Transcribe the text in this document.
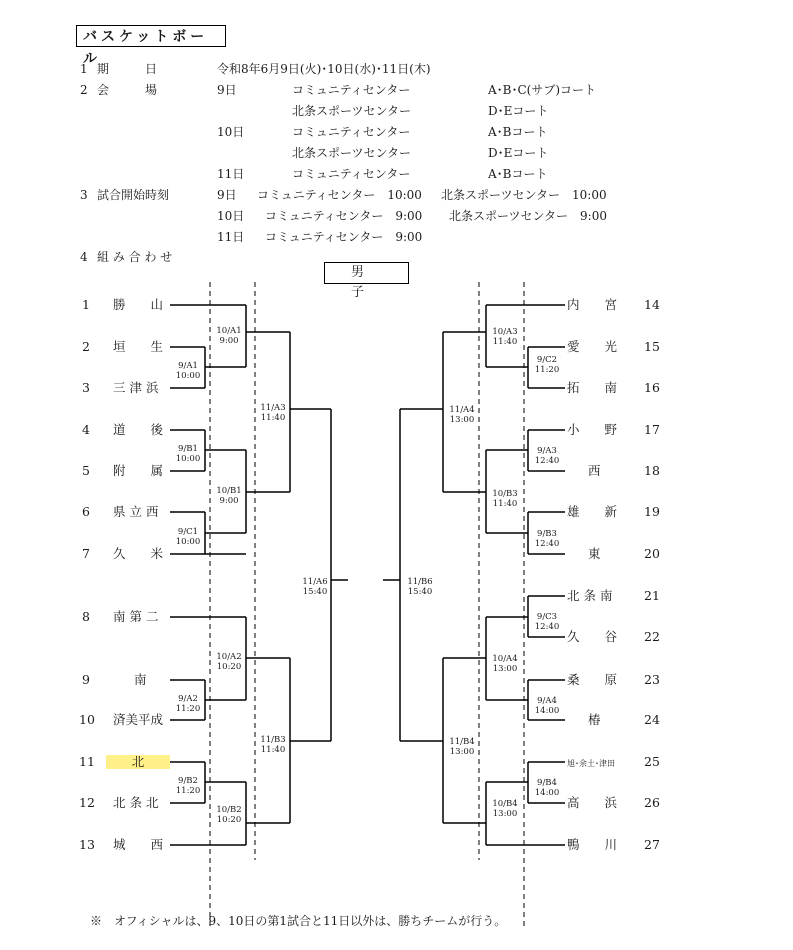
バスケットボール
1 期　　　日	令和8年6月9日(火)･10日(水)･11日(木)
2 会　　　場	9日	コミュニティセンター	A･B･C(サブ)コート
北条スポーツセンター	D･Eコート
10日	コミュニティセンター	A･Bコート
北条スポーツセンター	D･Eコート
11日	コミュニティセンター	A･Bコート
3 試合開始時刻	9日 コミュニティセンター　10:00 北条スポーツセンター　10:00
10日 コミュニティセンター　9:00 北条スポーツセンター　9:00
11日 コミュニティセンター　9:00
4 組 み 合 わ せ
男　　子
1 勝　　山
2 垣　　生
3 三 津 浜
4 道　　後
5 附　　属
6 県 立 西
7 久　　米
8 南 第 二
9	南
10 済美平成
11	北
12 北 条 北
13 城　　西
内　　宮 14
愛　　光 15
拓　　南 16
小　　野 17
西	18
雄　　新 19
東	20
北 条 南	21
久　　谷 22
桑　　原 23
椿	24
旭･余土･津田 25
高　　浜 26
鴨　　川 27
9/A1
10:00
9/B1
10:00
9/C1
10:00
9/A2
11:20
9/B2
11:20
10/A1
9:00
10/B1
9:00
10/A2
10:20
10/B2
10:20
11/A3
11:40
11/B3
11:40
11/A6
15:40
9/C2
11:20
9/A3
12:40
9/B3
12:40
9/C3
12:40
9/A4
14:00
9/B4
14:00
10/A3
11:40
10/B3
11:40
10/A4
13:00
10/B4
13:00
11/A4
13:00
11/B4
13:00
11/B6
15:40
※　オフィシャルは、9、10日の第1試合と11日以外は、勝ちチームが行う。
